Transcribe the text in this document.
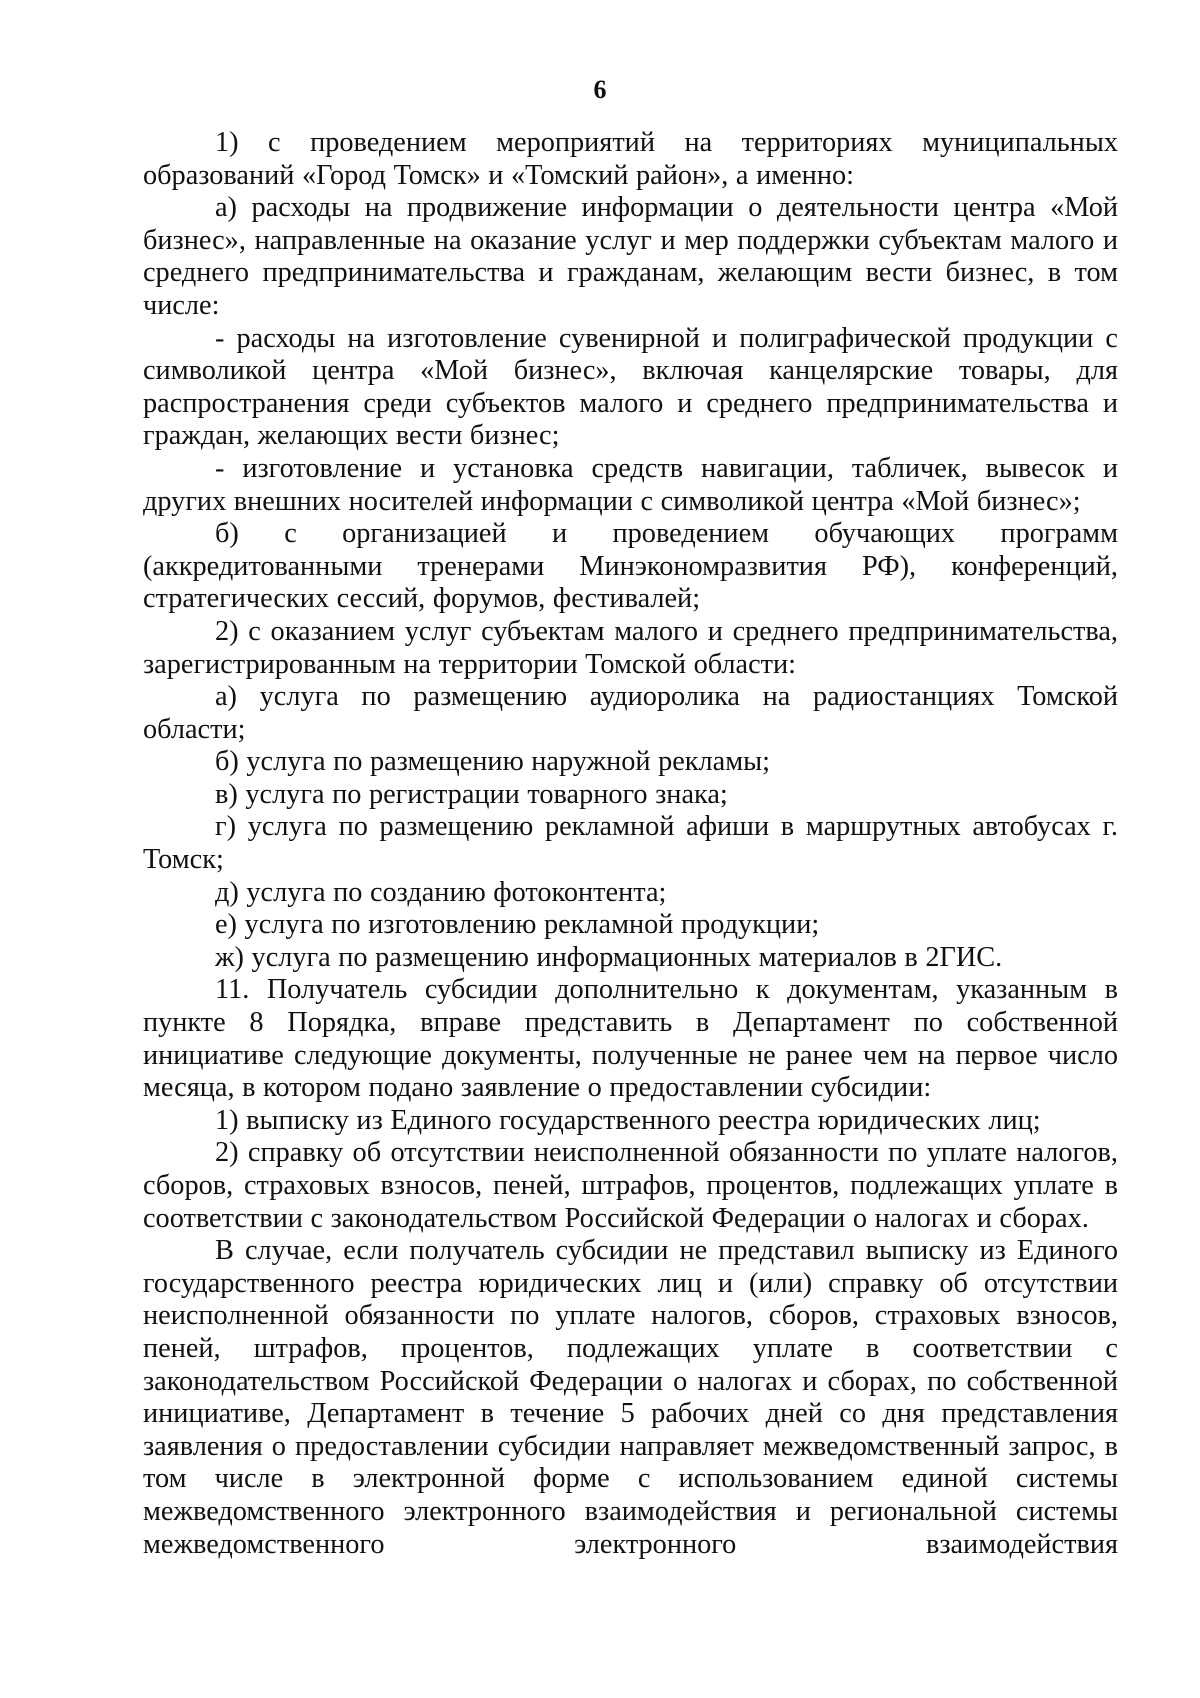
6

1) с проведением мероприятий на территориях муниципальных образований «Город Томск» и «Томский район», а именно:

а) расходы на продвижение информации о деятельности центра «Мой бизнес», направленные на оказание услуг и мер поддержки субъектам малого и среднего предпринимательства и гражданам, желающим вести бизнес, в том числе:

- расходы на изготовление сувенирной и полиграфической продукции с символикой центра «Мой бизнес», включая канцелярские товары, для распространения среди субъектов малого и среднего предпринимательства и граждан, желающих вести бизнес;

- изготовление и установка средств навигации, табличек, вывесок и других внешних носителей информации с символикой центра «Мой бизнес»;

б) с организацией и проведением обучающих программ (аккредитованными тренерами Минэкономразвития РФ), конференций, стратегических сессий, форумов, фестивалей;

2) с оказанием услуг субъектам малого и среднего предпринимательства, зарегистрированным на территории Томской области:

а) услуга по размещению аудиоролика на радиостанциях Томской области;

б) услуга по размещению наружной рекламы;

в) услуга по регистрации товарного знака;

г) услуга по размещению рекламной афиши в маршрутных автобусах г. Томск;

д) услуга по созданию фотоконтента;

е) услуга по изготовлению рекламной продукции;

ж) услуга по размещению информационных материалов в 2ГИС.

11. Получатель субсидии дополнительно к документам, указанным в пункте 8 Порядка, вправе представить в Департамент по собственной инициативе следующие документы, полученные не ранее чем на первое число месяца, в котором подано заявление о предоставлении субсидии:

1) выписку из Единого государственного реестра юридических лиц;

2) справку об отсутствии неисполненной обязанности по уплате налогов, сборов, страховых взносов, пеней, штрафов, процентов, подлежащих уплате в соответствии с законодательством Российской Федерации о налогах и сборах.

В случае, если получатель субсидии не представил выписку из Единого государственного реестра юридических лиц и (или) справку об отсутствии неисполненной обязанности по уплате налогов, сборов, страховых взносов, пеней, штрафов, процентов, подлежащих уплате в соответствии с законодательством Российской Федерации о налогах и сборах, по собственной инициативе, Департамент в течение 5 рабочих дней со дня представления заявления о предоставлении субсидии направляет межведомственный запрос, в том числе в электронной форме с использованием единой системы межведомственного электронного взаимодействия и региональной системы межведомственного электронного взаимодействия
